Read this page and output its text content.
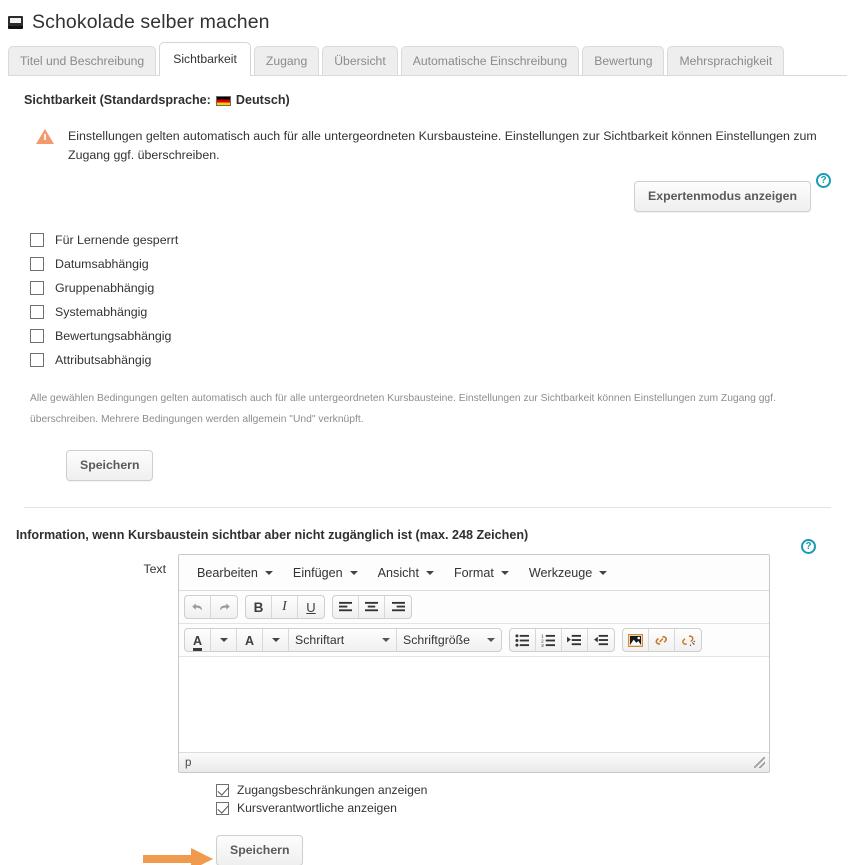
Schokolade selber machen
Titel und Beschreibung	Sichtbarkeit	Zugang	Übersicht	Automatische Einschreibung	Bewertung	Mehrsprachigkeit
Sichtbarkeit (Standardsprache: Deutsch )
Einstellungen gelten automatisch auch für alle untergeordneten Kursbausteine. Einstellungen zur Sichtbarkeit können Einstellungen zum Zugang ggf. überschreiben.
Expertenmodus anzeigen
?
Für Lernende gesperrt
Datumsabhängig
Gruppenabhängig
Systemabhängig
Bewertungsabhängig
Attributsabhängig
Alle gewählen Bedingungen gelten automatisch auch für alle untergeordneten Kursbausteine. Einstellungen zur Sichtbarkeit können Einstellungen zum Zugang ggf. überschreiben. Mehrere Bedingungen werden allgemein "Und" verknüpft.
Speichern
Information, wenn Kursbaustein sichtbar aber nicht zugänglich ist (max. 248 Zeichen)
?
Text	Bearbeiten	Einfügen	Ansicht	Format	Werkzeuge
B I U
A	A	Schriftart	Schriftgröße	1
2
3
p
Zugangsbeschränkungen anzeigen
Kursverantwortliche anzeigen
Speichern
